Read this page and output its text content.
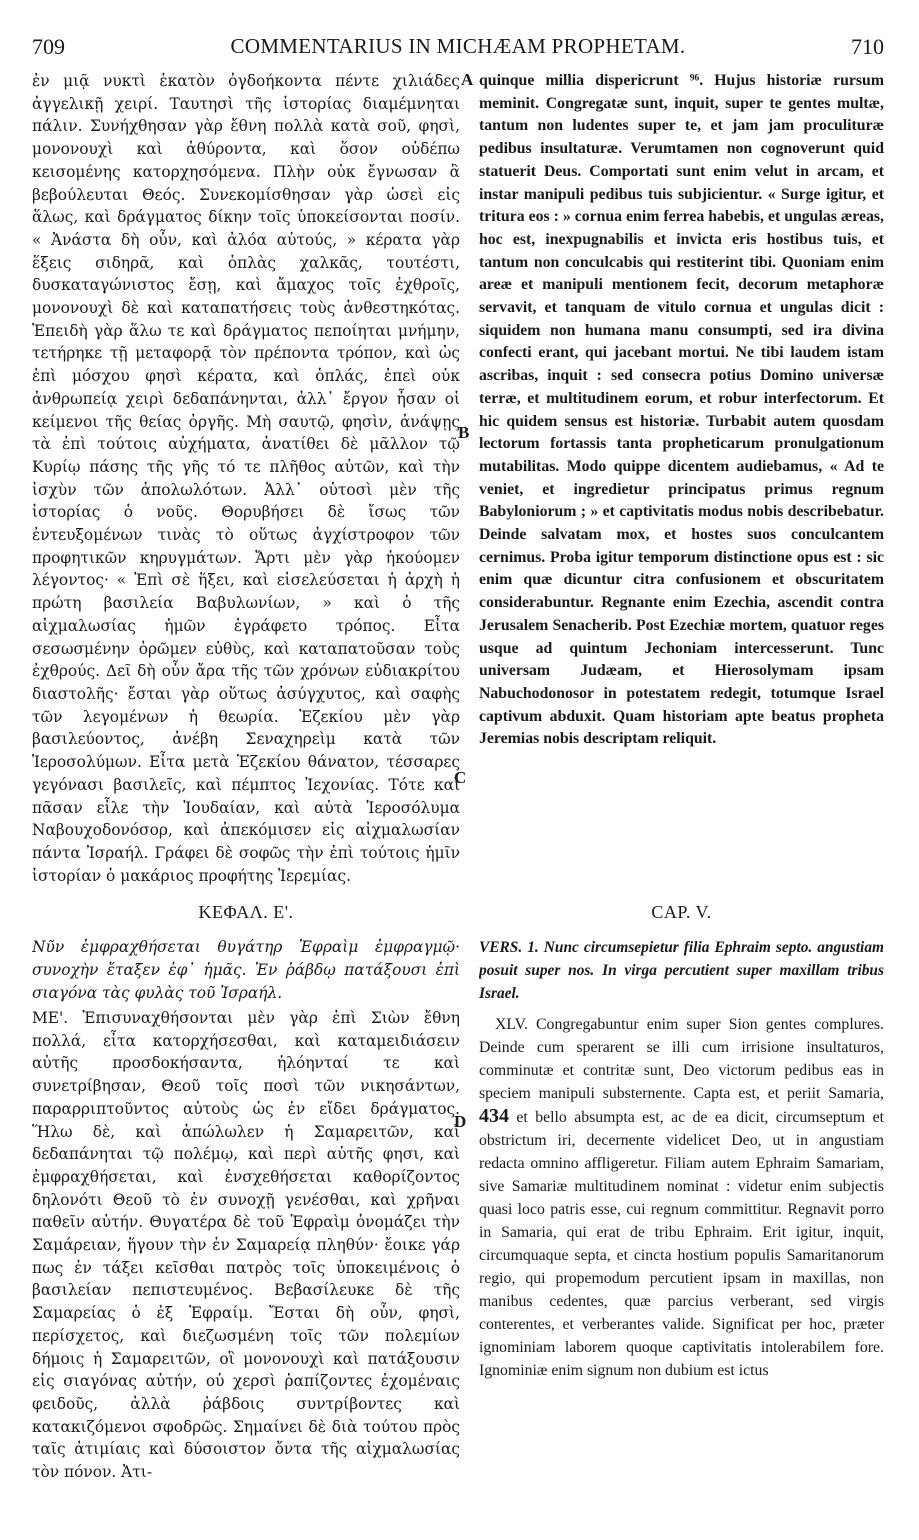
709	COMMENTARIUS IN MICHÆAM PROPHETAM.	710

ἐν μιᾷ νυκτὶ ἑκατὸν ὀγδοήκοντα πέντε χιλιάδες ἀγγελικῇ χειρί. Ταυτησὶ τῆς ἱστορίας διαμέμνηται πάλιν. Συνήχθησαν γὰρ ἔθνη πολλὰ κατὰ σοῦ, φησὶ, μονονουχὶ καὶ ἀθύροντα, καὶ ὅσον οὐδέπω κεισομένης κατορχησόμενα. Πλὴν οὐκ ἔγνωσαν ἃ βεβούλευται Θεός. Συνεκομίσθησαν γὰρ ὡσεὶ εἰς ἅλως, καὶ δράγματος δίκην τοῖς ὑποκείσονται ποσίν. « Ἀνάστα δὴ οὖν, καὶ ἀλόα αὐτούς, » κέρατα γὰρ ἕξεις σιδηρᾶ, καὶ ὁπλὰς χαλκᾶς, τουτέστι, δυσκαταγώνιστος ἔσῃ, καὶ ἄμαχος τοῖς ἐχθροῖς, μονονουχὶ δὲ καὶ καταπατήσεις τοὺς ἀνθεστηκότας. Ἐπειδὴ γὰρ ἅλω τε καὶ δράγματος πεποίηται μνήμην, τετήρηκε τῇ μεταφορᾷ τὸν πρέποντα τρόπον, καὶ ὡς ἐπὶ μόσχου φησὶ κέρατα, καὶ ὁπλάς, ἐπεὶ οὐκ ἀνθρωπείᾳ χειρὶ δεδαπάνηνται, ἀλλ᾽ ἔργον ἦσαν οἱ κείμενοι τῆς θείας ὀργῆς. Μὴ σαυτῷ, φησὶν, ἀνάψῃς τὰ ἐπὶ τούτοις αὐχήματα, ἀνατίθει δὲ μᾶλλον τῷ Κυρίῳ πάσης τῆς γῆς τό τε πλῆθος αὐτῶν, καὶ τὴν ἰσχὺν τῶν ἀπολωλότων. Ἀλλ᾽ οὑτοσὶ μὲν τῆς ἱστορίας ὁ νοῦς. Θορυβήσει δὲ ἴσως τῶν ἐντευξομένων τινὰς τὸ οὕτως ἀγχίστροφον τῶν προφητικῶν κηρυγμάτων. Ἄρτι μὲν γὰρ ἠκούομεν λέγοντος· « Ἐπὶ σὲ ἥξει, καὶ εἰσελεύσεται ἡ ἀρχὴ ἡ πρώτη βασιλεία Βαβυλωνίων, » καὶ ὁ τῆς αἰχμαλωσίας ἡμῶν ἐγράφετο τρόπος. Εἶτα σεσωσμένην ὁρῶμεν εὐθὺς, καὶ καταπατοῦσαν τοὺς ἐχθρούς. Δεῖ δὴ οὖν ἄρα τῆς τῶν χρόνων εὐδιακρίτου διαστολῆς· ἔσται γὰρ οὕτως ἀσύγχυτος, καὶ σαφὴς τῶν λεγομένων ἡ θεωρία. Ἐζεκίου μὲν γὰρ βασιλεύοντος, ἀνέβη Σεναχηρεὶμ κατὰ τῶν Ἱεροσολύμων. Εἶτα μετὰ Ἐζεκίου θάνατον, τέσσαρες γεγόνασι βασιλεῖς, καὶ πέμπτος Ἰεχονίας. Τότε καὶ πᾶσαν εἷλε τὴν Ἰουδαίαν, καὶ αὐτὰ Ἱεροσόλυμα Ναβουχοδονόσορ, καὶ ἀπεκόμισεν εἰς αἰχμαλωσίαν πάντα Ἰσραήλ. Γράφει δὲ σοφῶς τὴν ἐπὶ τούτοις ἡμῖν ἱστορίαν ὁ μακάριος προφήτης Ἱερεμίας.

quinque millia dispericrunt ⁹⁶. Hujus historiæ rursum meminit. Congregatæ sunt, inquit, super te gentes multæ, tantum non ludentes super te, et jam jam proculituræ pedibus insultaturæ. Verumtamen non cognoverunt quid statuerit Deus. Comportati sunt enim velut in arcam, et instar manipuli pedibus tuis subjicientur. « Surge igitur, et tritura eos : » cornua enim ferrea habebis, et ungulas æreas, hoc est, inexpugnabilis et invicta eris hostibus tuis, et tantum non conculcabis qui restiterint tibi. Quoniam enim areæ et manipuli mentionem fecit, decorum metaphoræ servavit, et tanquam de vitulo cornua et ungulas dicit : siquidem non humana manu consumpti, sed ira divina confecti erant, qui jacebant mortui. Ne tibi laudem istam ascribas, inquit : sed consecra potius Domino universæ terræ, et multitudinem eorum, et robur interfectorum. Et hic quidem sensus est historiæ. Turbabit autem quosdam lectorum fortassis tanta propheticarum pronulgationum mutabilitas. Modo quippe dicentem audiebamus, « Ad te veniet, et ingredietur principatus primus regnum Babyloniorum ; » et captivitatis modus nobis describebatur. Deinde salvatam mox, et hostes suos conculcantem cernimus. Proba igitur temporum distinctione opus est : sic enim quæ dicuntur citra confusionem et obscuritatem considerabuntur. Regnante enim Ezechia, ascendit contra Jerusalem Senacherib. Post Ezechiæ mortem, quatuor reges usque ad quintum Jechoniam intercesserunt. Tunc universam Judæam, et Hierosolymam ipsam Nabuchodonosor in potestatem redegit, totumque Israel captivum abduxit. Quam historiam apte beatus propheta Jeremias nobis descriptam reliquit.

A
B
C
D
ΚΕΦΑΛ. Ε'.	CAP. V.

Νῦν ἐμφραχθήσεται θυγάτηρ Ἐφραὶμ ἐμφραγμῷ· συνοχὴν ἔταξεν ἐφ᾽ ἡμᾶς. Ἐν ῥάβδῳ πατάξουσι ἐπὶ σιαγόνα τὰς φυλὰς τοῦ Ἰσραήλ.

ΜΕ'. Ἐπισυναχθήσονται μὲν γὰρ ἐπὶ Σιὼν ἔθνη πολλά, εἶτα κατορχήσεσθαι, καὶ καταμειδιάσειν αὐτῆς προσδοκήσαντα, ἡλόηνταί τε καὶ συνετρίβησαν, Θεοῦ τοῖς ποσὶ τῶν νικησάντων, παραρριπτοῦντος αὐτοὺς ὡς ἐν εἴδει δράγματος. Ἥλω δὲ, καὶ ἀπώλωλεν ἡ Σαμαρειτῶν, καὶ δεδαπάνηται τῷ πολέμῳ, καὶ περὶ αὐτῆς φησι, καὶ ἐμφραχθήσεται, καὶ ἐνσχεθήσεται καθορίζοντος δηλονότι Θεοῦ τὸ ἐν συνοχῇ γενέσθαι, καὶ χρῆναι παθεῖν αὐτήν. Θυγατέρα δὲ τοῦ Ἐφραὶμ ὀνομάζει τὴν Σαμάρειαν, ἥγουν τὴν ἐν Σαμαρείᾳ πληθύν· ἔοικε γάρ πως ἐν τάξει κεῖσθαι πατρὸς τοῖς ὑποκειμένοις ὁ βασιλείαν πεπιστευμένος. Βεβασίλευκε δὲ τῆς Σαμαρείας ὁ ἐξ Ἐφραίμ. Ἔσται δὴ οὖν, φησὶ, περίσχετος, καὶ διεζωσμένη τοῖς τῶν πολεμίων δήμοις ἡ Σαμαρειτῶν, οἳ μονονουχὶ καὶ πατάξουσιν εἰς σιαγόνας αὐτήν, οὐ χερσὶ ῥαπίζοντες ἐχομέναις φειδοῦς, ἀλλὰ ῥάβδοις συντρίβοντες καὶ κατακιζόμενοι σφοδρῶς. Σημαίνει δὲ διὰ τούτου πρὸς ταῖς ἀτιμίαις καὶ δύσοιστον ὄντα τῆς αἰχμαλωσίας τὸν πόνον. Ἀτι-

VERS. 1. Nunc circumsepietur filia Ephraim septo. angustiam posuit super nos. In virga percutient super maxillam tribus Israel.

XLV. Congregabuntur enim super Sion gentes complures. Deinde cum sperarent se illi cum irrisione insultaturos, comminutæ et contritæ sunt, Deo victorum pedibus eas in speciem manipuli substernente. Capta est, et periit Samaria, 434 et bello absumpta est, ac de ea dicit, circumseptum et obstrictum iri, decernente videlicet Deo, ut in angustiam redacta omnino affligeretur. Filiam autem Ephraim Samariam, sive Samariæ multitudinem nominat : videtur enim subjectis quasi loco patris esse, cui regnum committitur. Regnavit porro in Samaria, qui erat de tribu Ephraim. Erit igitur, inquit, circumquaque septa, et cincta hostium populis Samaritanorum regio, qui propemodum percutient ipsam in maxillas, non manibus cedentes, quæ parcius verberant, sed virgis conterentes, et verberantes valide. Significat per hoc, præter ignominiam laborem quoque captivitatis intolerabilem fore. Ignominiæ enim signum non dubium est ictus
